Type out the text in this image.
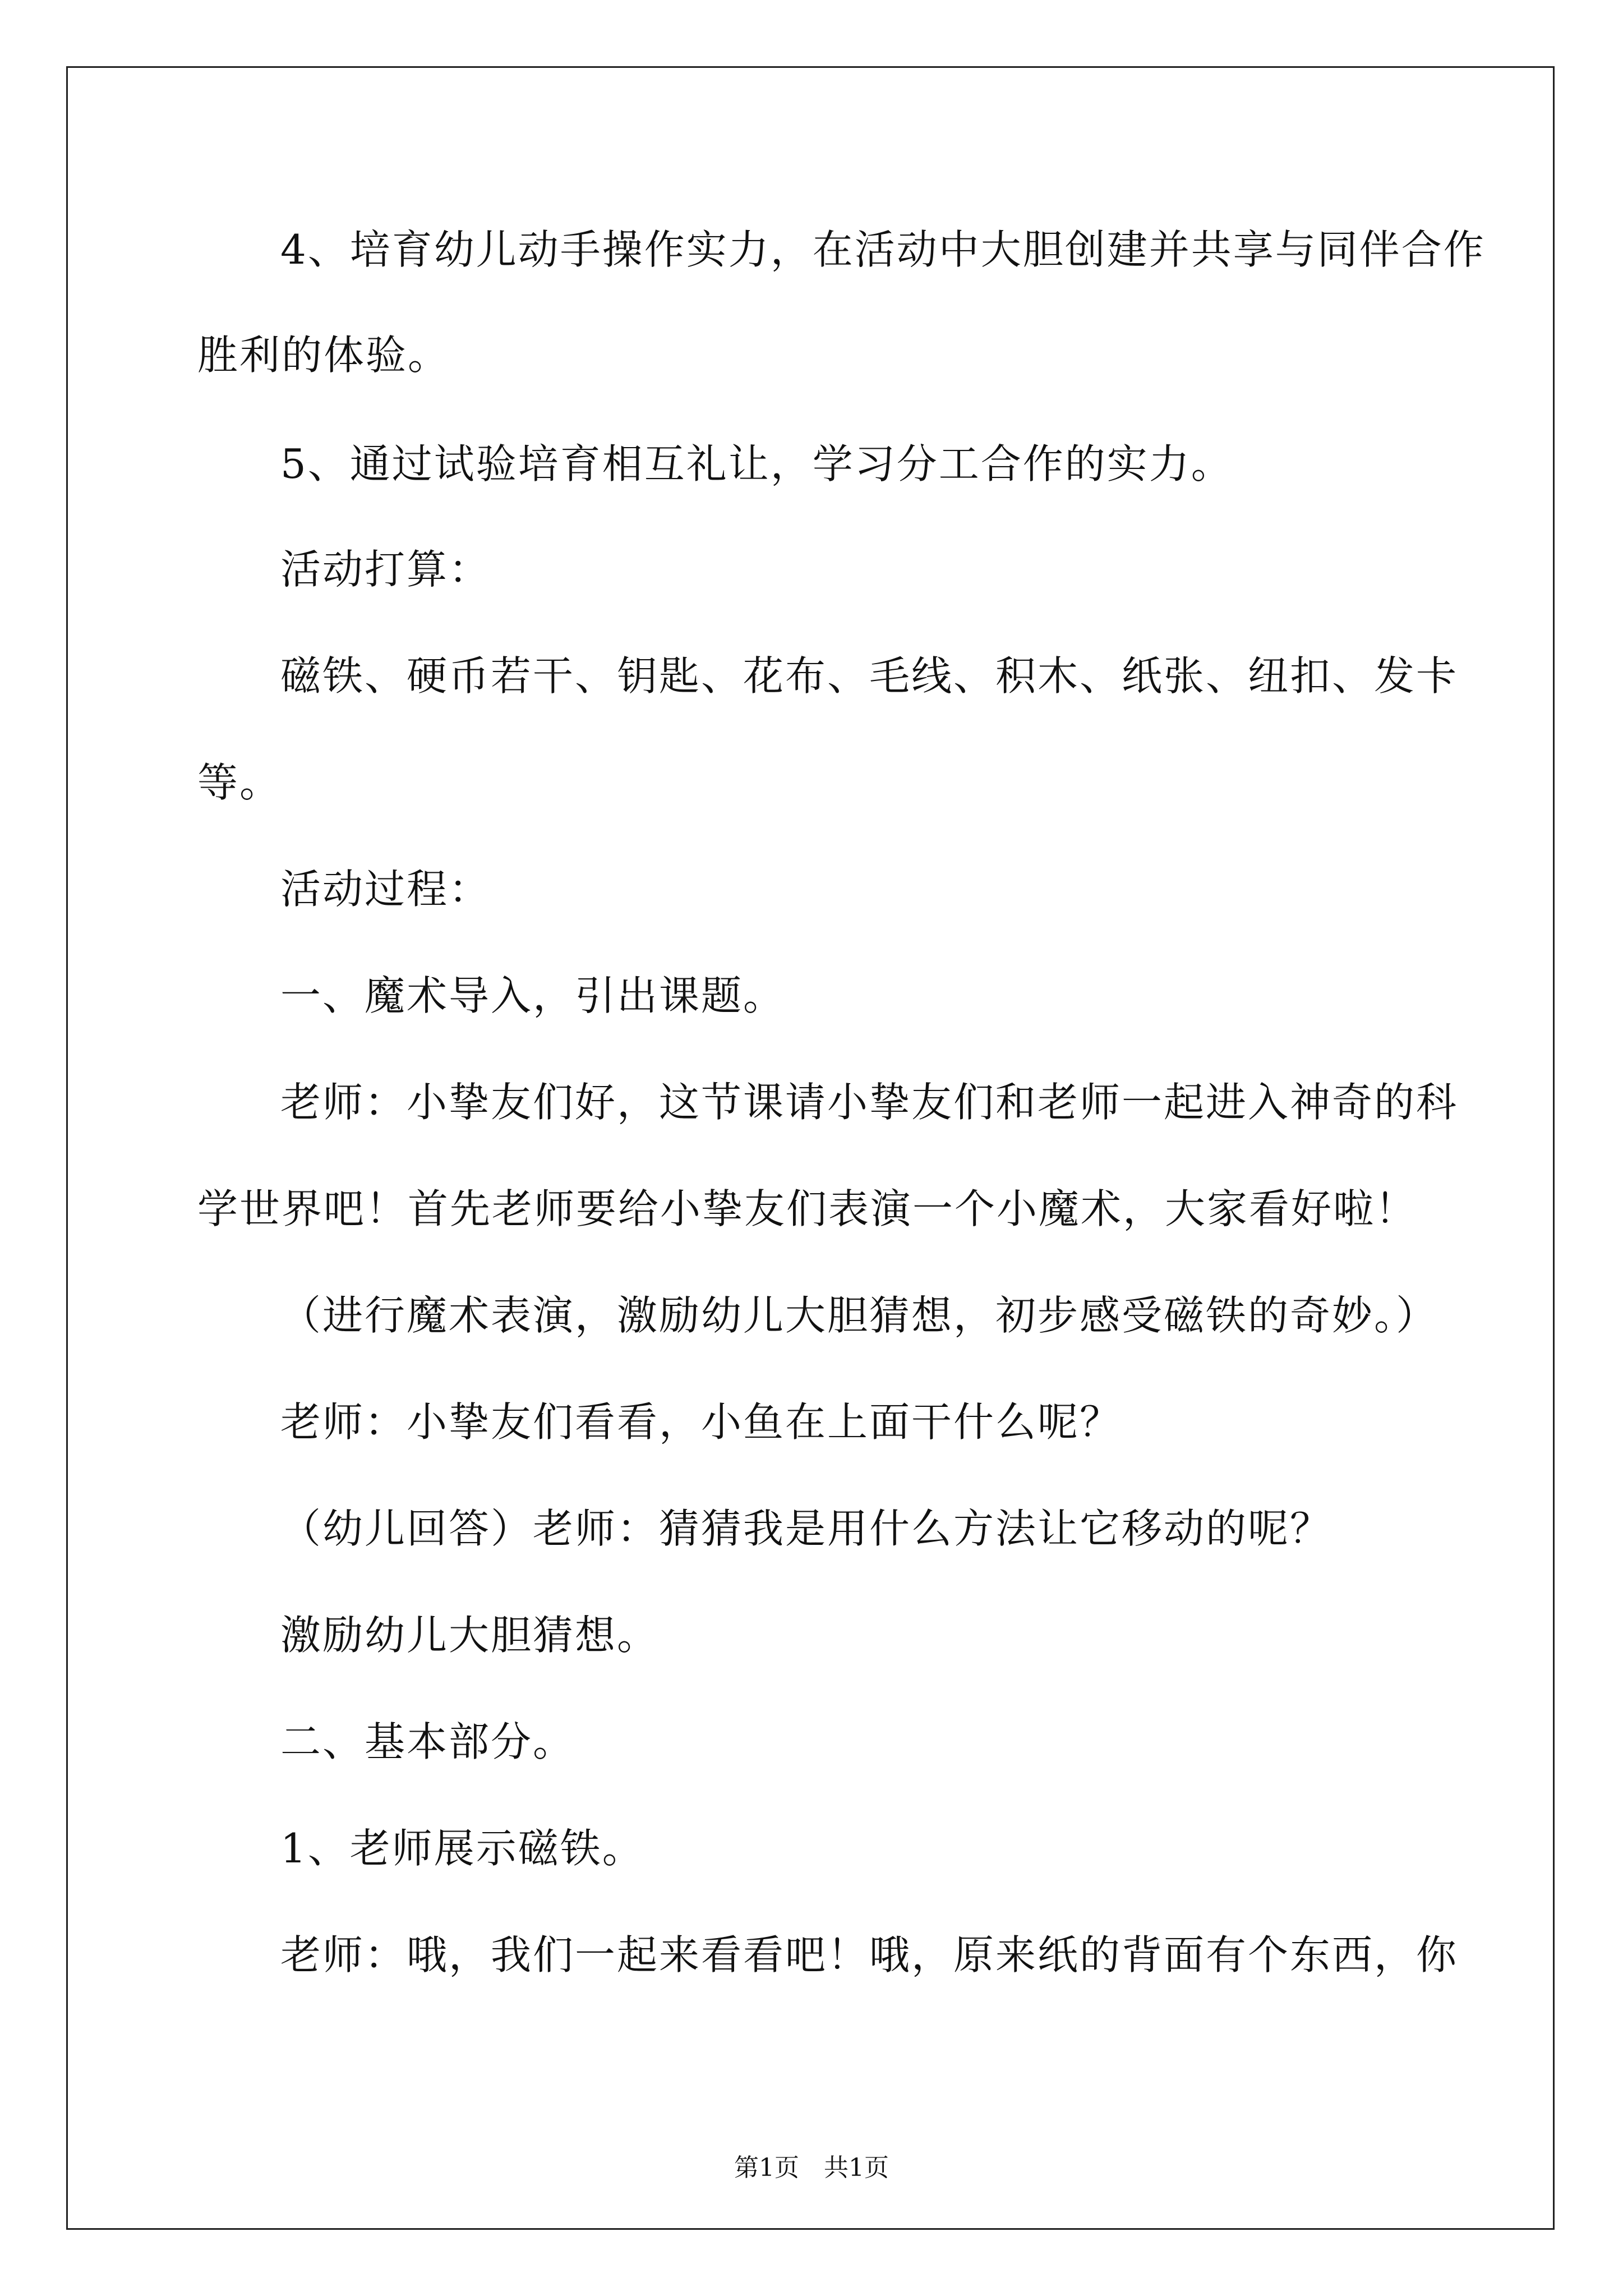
4、培育幼儿动手操作实力，在活动中大胆创建并共享与同伴合作
胜利的体验。
5、通过试验培育相互礼让，学习分工合作的实力。
活动打算：
磁铁、硬币若干、钥匙、花布、毛线、积木、纸张、纽扣、发卡
等。
活动过程：
一、魔术导入，引出课题。
老师：小挚友们好，这节课请小挚友们和老师一起进入神奇的科
学世界吧！首先老师要给小挚友们表演一个小魔术，大家看好啦！
（进行魔术表演，激励幼儿大胆猜想，初步感受磁铁的奇妙。）
老师：小挚友们看看，小鱼在上面干什么呢？
（幼儿回答）老师：猜猜我是用什么方法让它移动的呢？
激励幼儿大胆猜想。
二、基本部分。
1、老师展示磁铁。
老师：哦，我们一起来看看吧！哦，原来纸的背面有个东西，你
第1页　共1页
